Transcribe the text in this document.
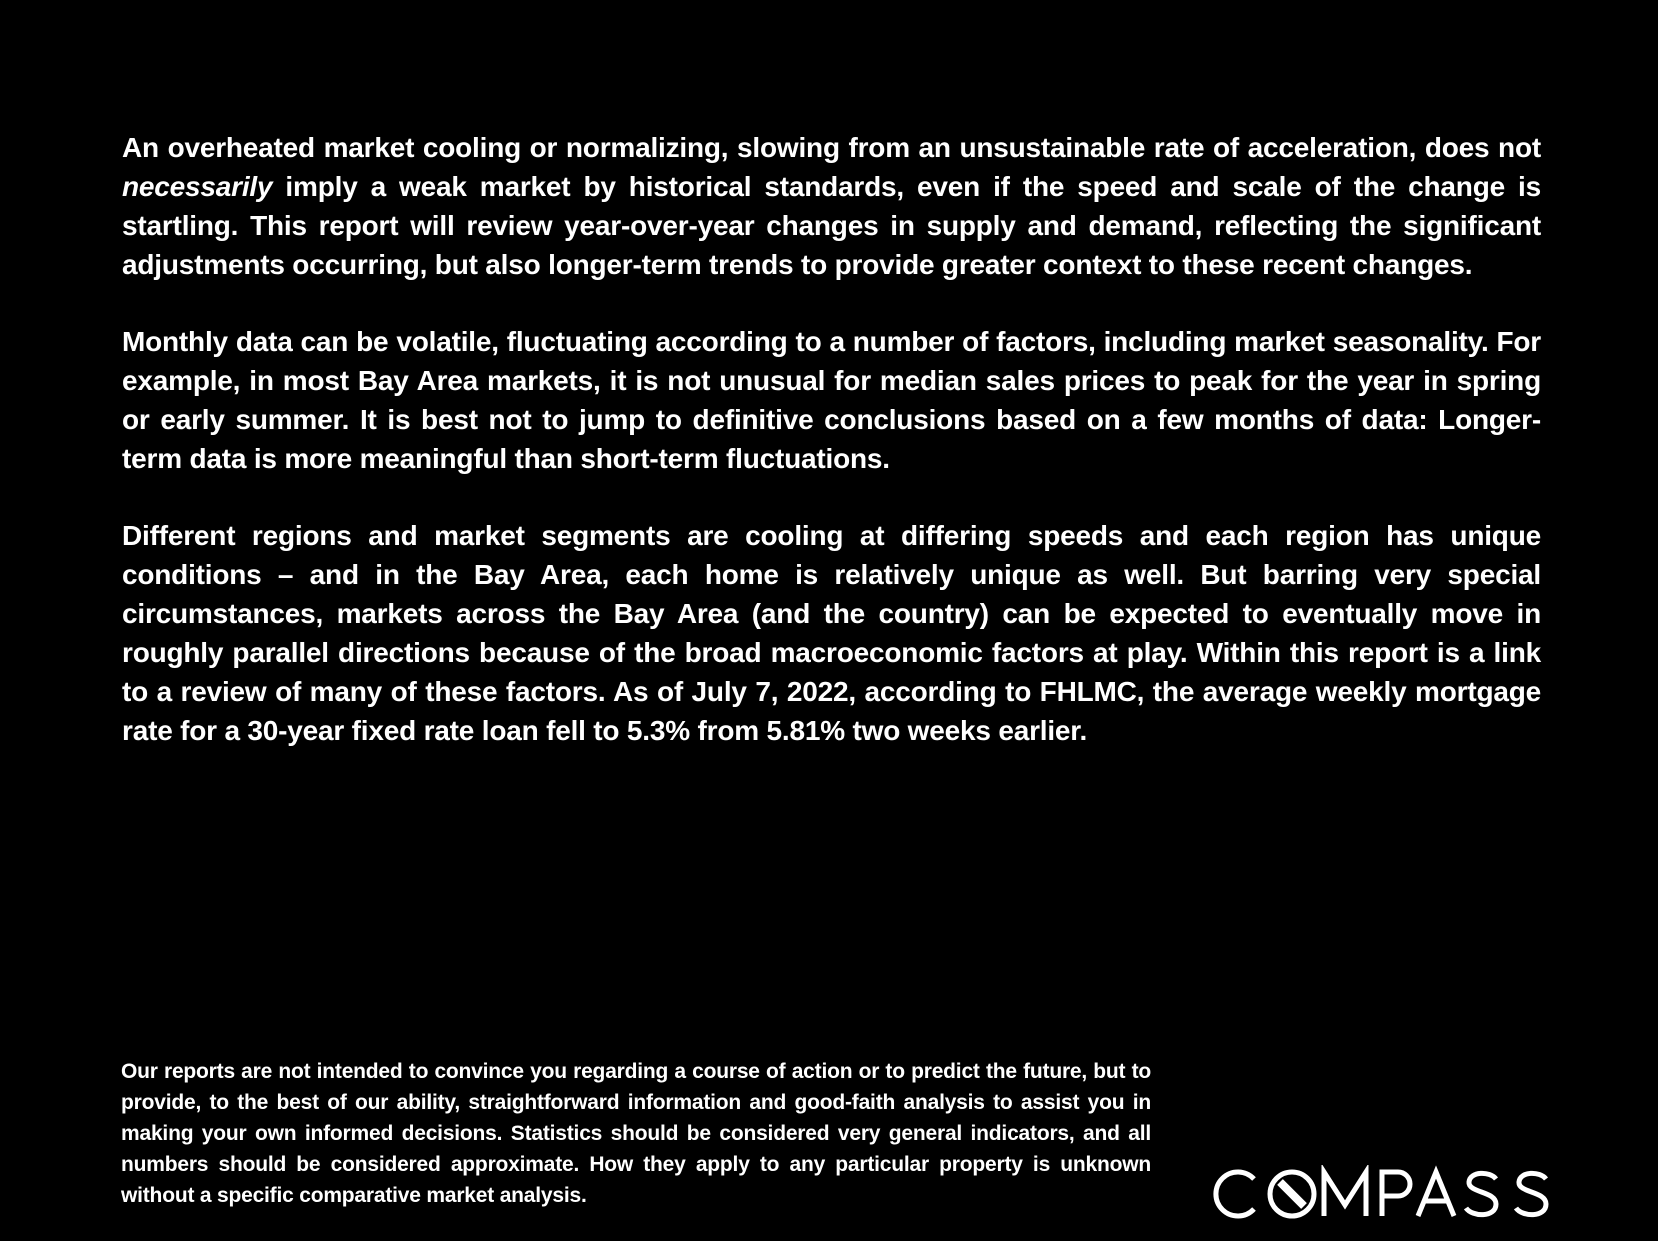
An overheated market cooling or normalizing, slowing from an unsustainable rate of acceleration, does not necessarily imply a weak market by historical standards, even if the speed and scale of the change is startling. This report will review year-over-year changes in supply and demand, reflecting the significant adjustments occurring, but also longer-term trends to provide greater context to these recent changes.

Monthly data can be volatile, fluctuating according to a number of factors, including market seasonality. For example, in most Bay Area markets, it is not unusual for median sales prices to peak for the year in spring or early summer. It is best not to jump to definitive conclusions based on a few months of data: Longer-term data is more meaningful than short-term fluctuations.

Different regions and market segments are cooling at differing speeds and each region has unique conditions – and in the Bay Area, each home is relatively unique as well. But barring very special circumstances, markets across the Bay Area (and the country) can be expected to eventually move in roughly parallel directions because of the broad macroeconomic factors at play. Within this report is a link to a review of many of these factors. As of July 7, 2022, according to FHLMC, the average weekly mortgage rate for a 30-year fixed rate loan fell to 5.3% from 5.81% two weeks earlier.

Our reports are not intended to convince you regarding a course of action or to predict the future, but to provide, to the best of our ability, straightforward information and good-faith analysis to assist you in making your own informed decisions. Statistics should be considered very general indicators, and all numbers should be considered approximate. How they apply to any particular property is unknown without a specific comparative market analysis.
